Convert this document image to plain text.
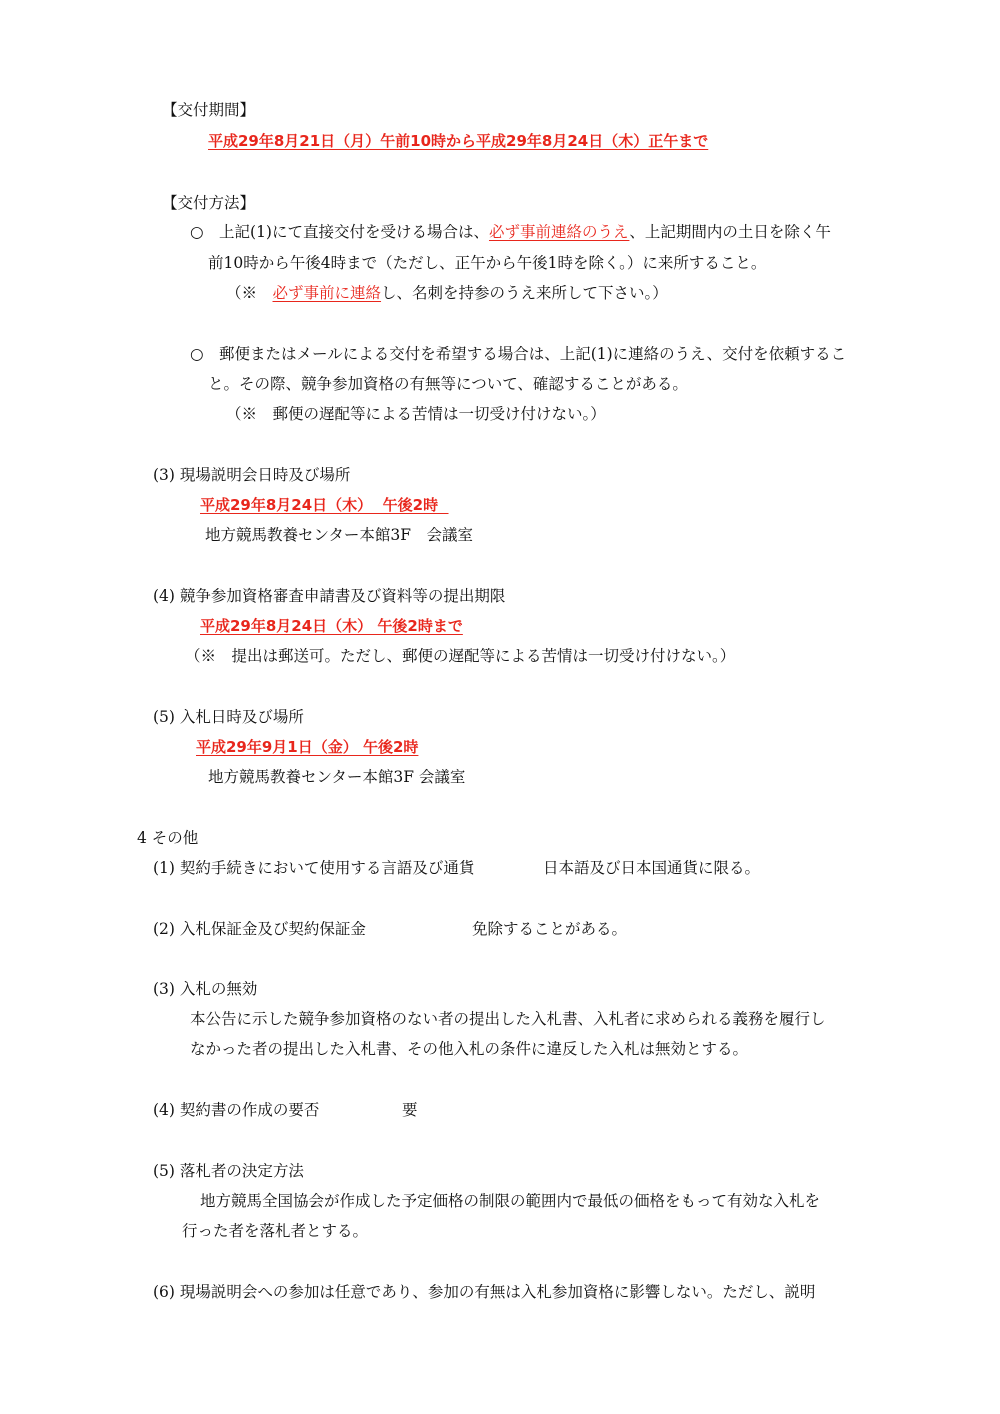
【交付期間】
平成29年8月21日（月）午前10時から平成29年8月24日（木）正午まで
【交付方法】
○　上記(1)にて直接交付を受ける場合は、必ず事前連絡のうえ、上記期間内の土日を除く午
前10時から午後4時まで（ただし、正午から午後1時を除く。）に来所すること。
（※　必ず事前に連絡し、名刺を持参のうえ来所して下さい。）
○　郵便またはメールによる交付を希望する場合は、上記(1)に連絡のうえ、交付を依頼するこ
と。その際、競争参加資格の有無等について、確認することがある。
（※　郵便の遅配等による苦情は一切受け付けない。）
(3) 現場説明会日時及び場所
平成29年8月24日（木）  午後2時
地方競馬教養センター本館3F　会議室
(4) 競争参加資格審査申請書及び資料等の提出期限
平成29年8月24日（木） 午後2時まで
（※　提出は郵送可。ただし、郵便の遅配等による苦情は一切受け付けない。）
(5) 入札日時及び場所
平成29年9月1日（金） 午後2時
地方競馬教養センター本館3F 会議室
4 その他
(1) 契約手続きにおいて使用する言語及び通貨	日本語及び日本国通貨に限る。
(2) 入札保証金及び契約保証金	免除することがある。
(3) 入札の無効
本公告に示した競争参加資格のない者の提出した入札書、入札者に求められる義務を履行し
なかった者の提出した入札書、その他入札の条件に違反した入札は無効とする。
(4) 契約書の作成の要否	要
(5) 落札者の決定方法
地方競馬全国協会が作成した予定価格の制限の範囲内で最低の価格をもって有効な入札を
行った者を落札者とする。
(6) 現場説明会への参加は任意であり、参加の有無は入札参加資格に影響しない。ただし、説明
